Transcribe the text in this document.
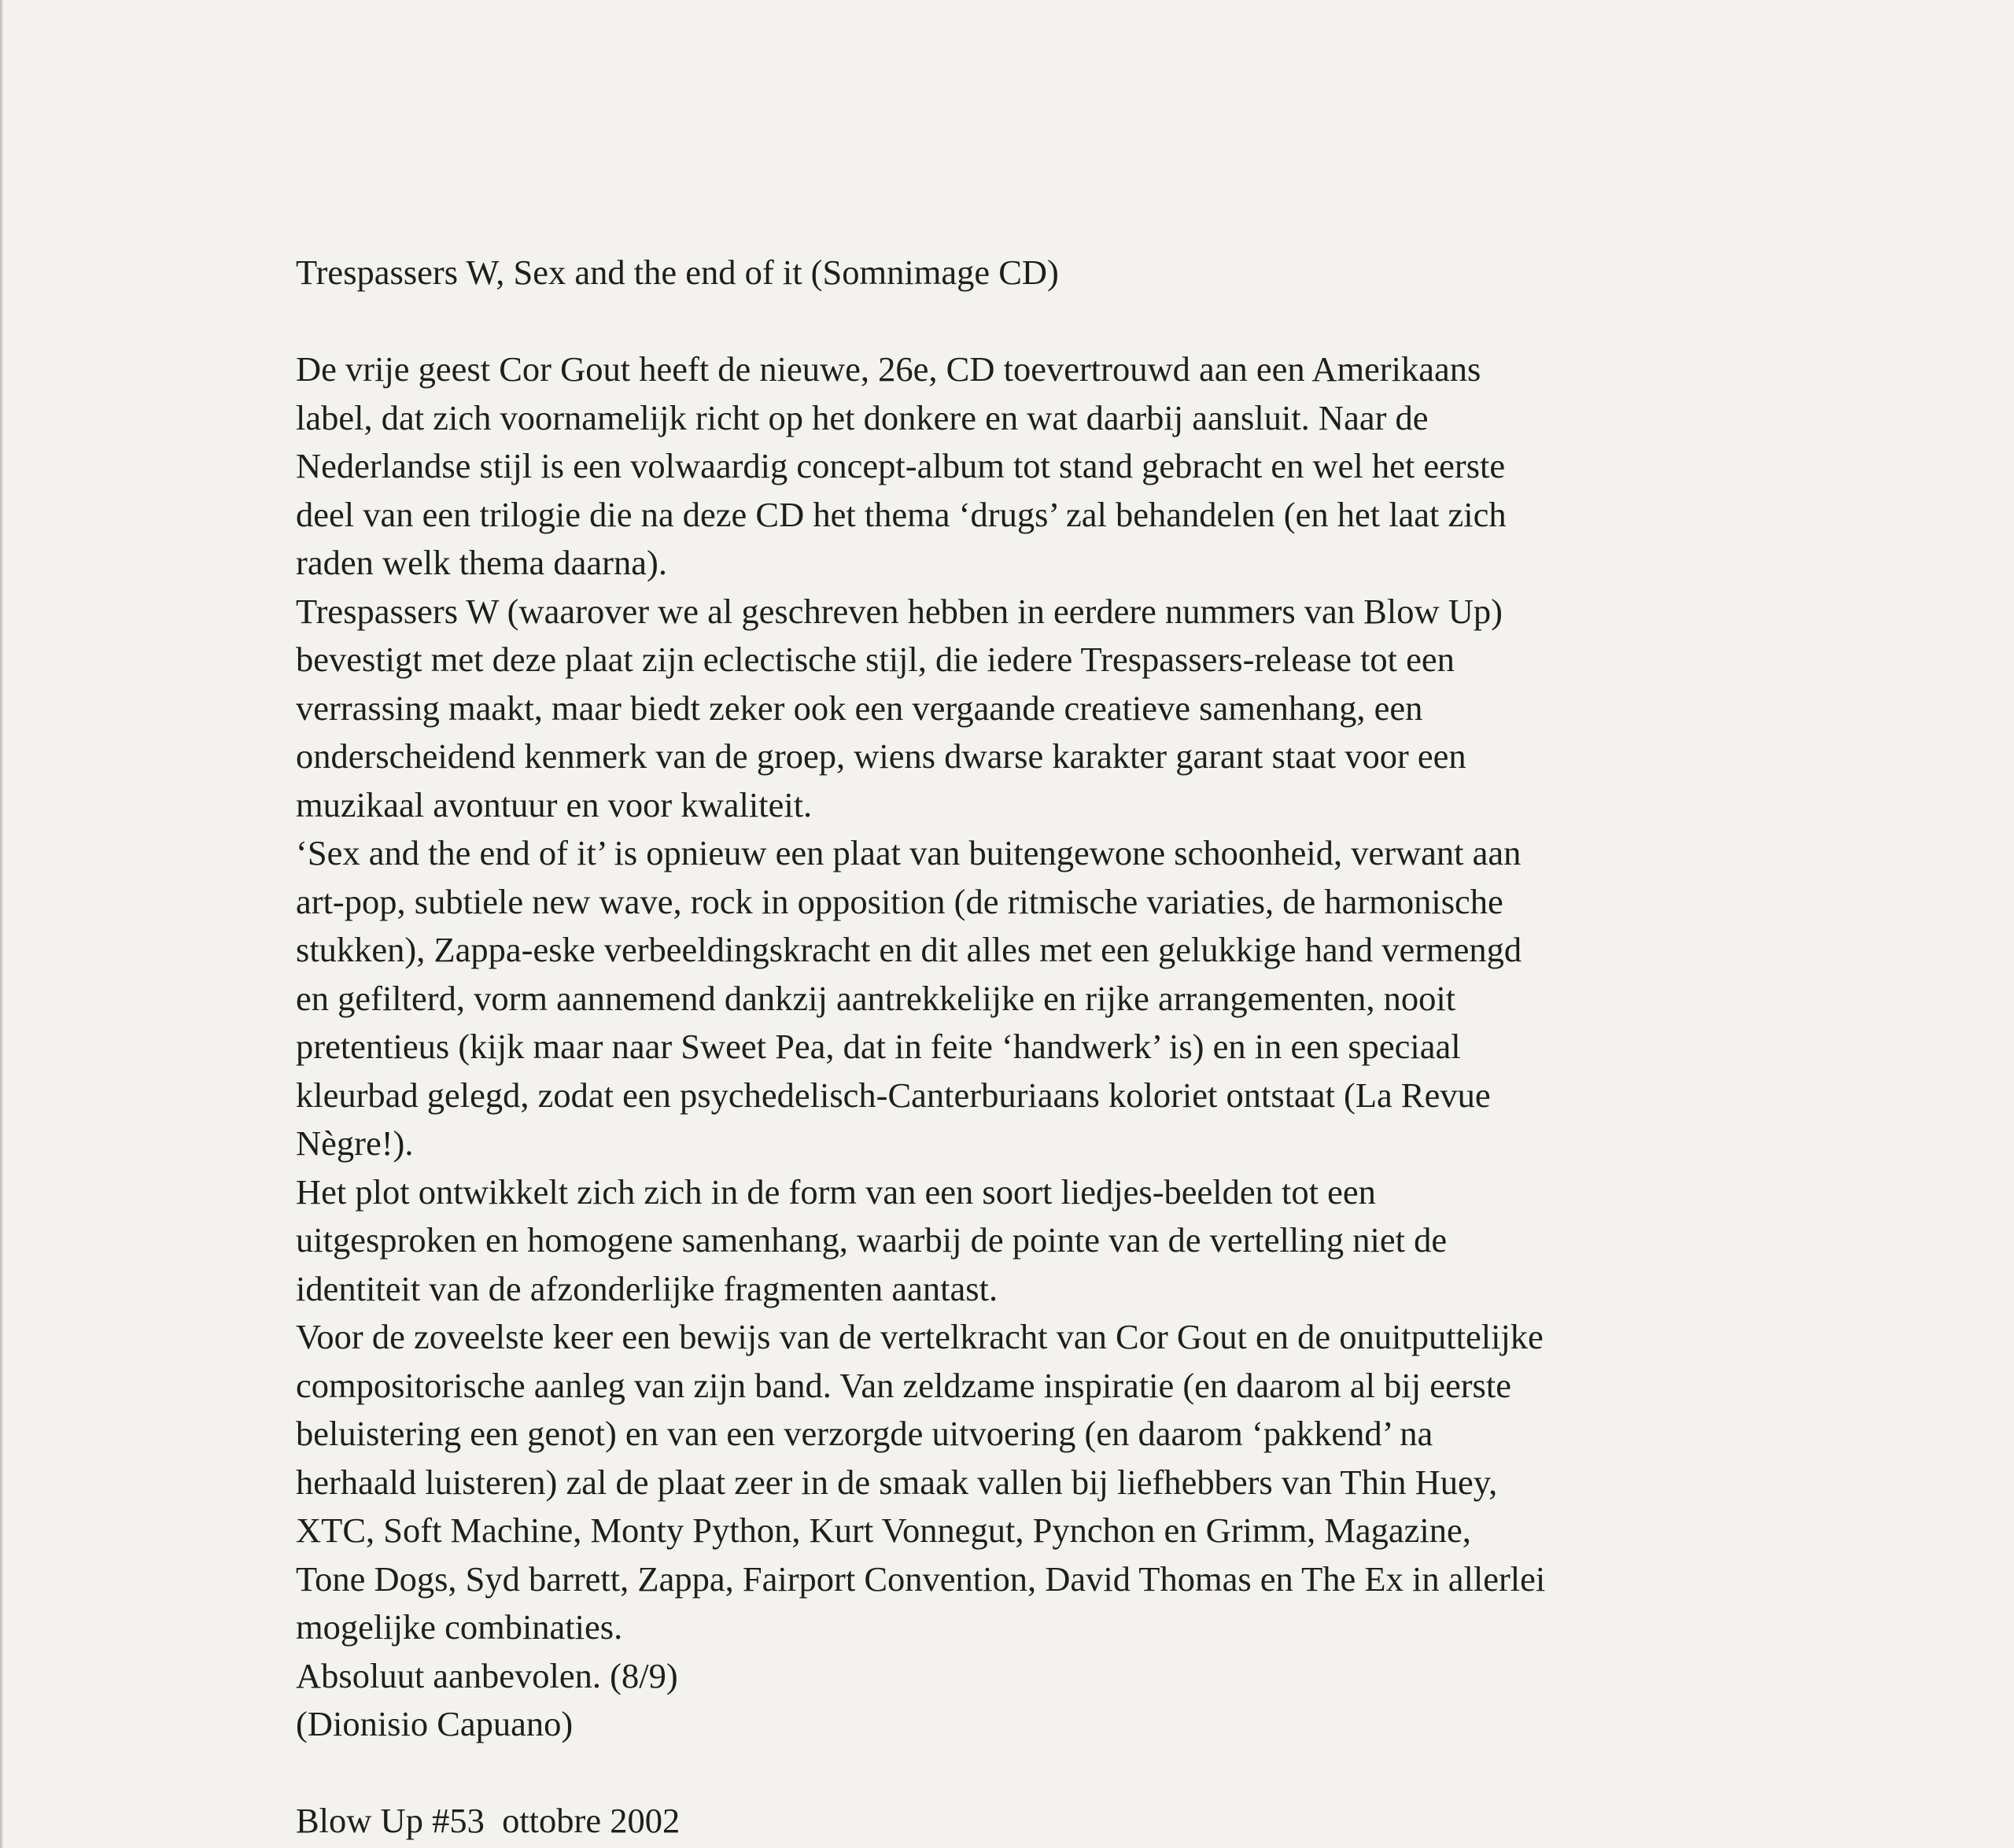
Trespassers W, Sex and the end of it (Somnimage CD)

De vrije geest Cor Gout heeft de nieuwe, 26e, CD toevertrouwd aan een Amerikaans
label, dat zich voornamelijk richt op het donkere en wat daarbij aansluit. Naar de
Nederlandse stijl is een volwaardig concept-album tot stand gebracht en wel het eerste
deel van een trilogie die na deze CD het thema ‘drugs’ zal behandelen (en het laat zich
raden welk thema daarna).

Trespassers W (waarover we al geschreven hebben in eerdere nummers van Blow Up)
bevestigt met deze plaat zijn eclectische stijl, die iedere Trespassers-release tot een
verrassing maakt, maar biedt zeker ook een vergaande creatieve samenhang, een
onderscheidend kenmerk van de groep, wiens dwarse karakter garant staat voor een
muzikaal avontuur en voor kwaliteit.

‘Sex and the end of it’ is opnieuw een plaat van buitengewone schoonheid, verwant aan
art-pop, subtiele new wave, rock in opposition (de ritmische variaties, de harmonische
stukken), Zappa-eske verbeeldingskracht en dit alles met een gelukkige hand vermengd
en gefilterd, vorm aannemend dankzij aantrekkelijke en rijke arrangementen, nooit
pretentieus (kijk maar naar Sweet Pea, dat in feite ‘handwerk’ is) en in een speciaal
kleurbad gelegd, zodat een psychedelisch-Canterburiaans koloriet ontstaat (La Revue
Nègre!).

Het plot ontwikkelt zich zich in de form van een soort liedjes-beelden tot een
uitgesproken en homogene samenhang, waarbij de pointe van de vertelling niet de
identiteit van de afzonderlijke fragmenten aantast.

Voor de zoveelste keer een bewijs van de vertelkracht van Cor Gout en de onuitputtelijke
compositorische aanleg van zijn band. Van zeldzame inspiratie (en daarom al bij eerste
beluistering een genot) en van een verzorgde uitvoering (en daarom ‘pakkend’ na
herhaald luisteren) zal de plaat zeer in de smaak vallen bij liefhebbers van Thin Huey,
XTC, Soft Machine, Monty Python, Kurt Vonnegut, Pynchon en Grimm, Magazine,
Tone Dogs, Syd barrett, Zappa, Fairport Convention, David Thomas en The Ex in allerlei
mogelijke combinaties.

Absoluut aanbevolen. (8/9)

(Dionisio Capuano)

Blow Up #53  ottobre 2002
